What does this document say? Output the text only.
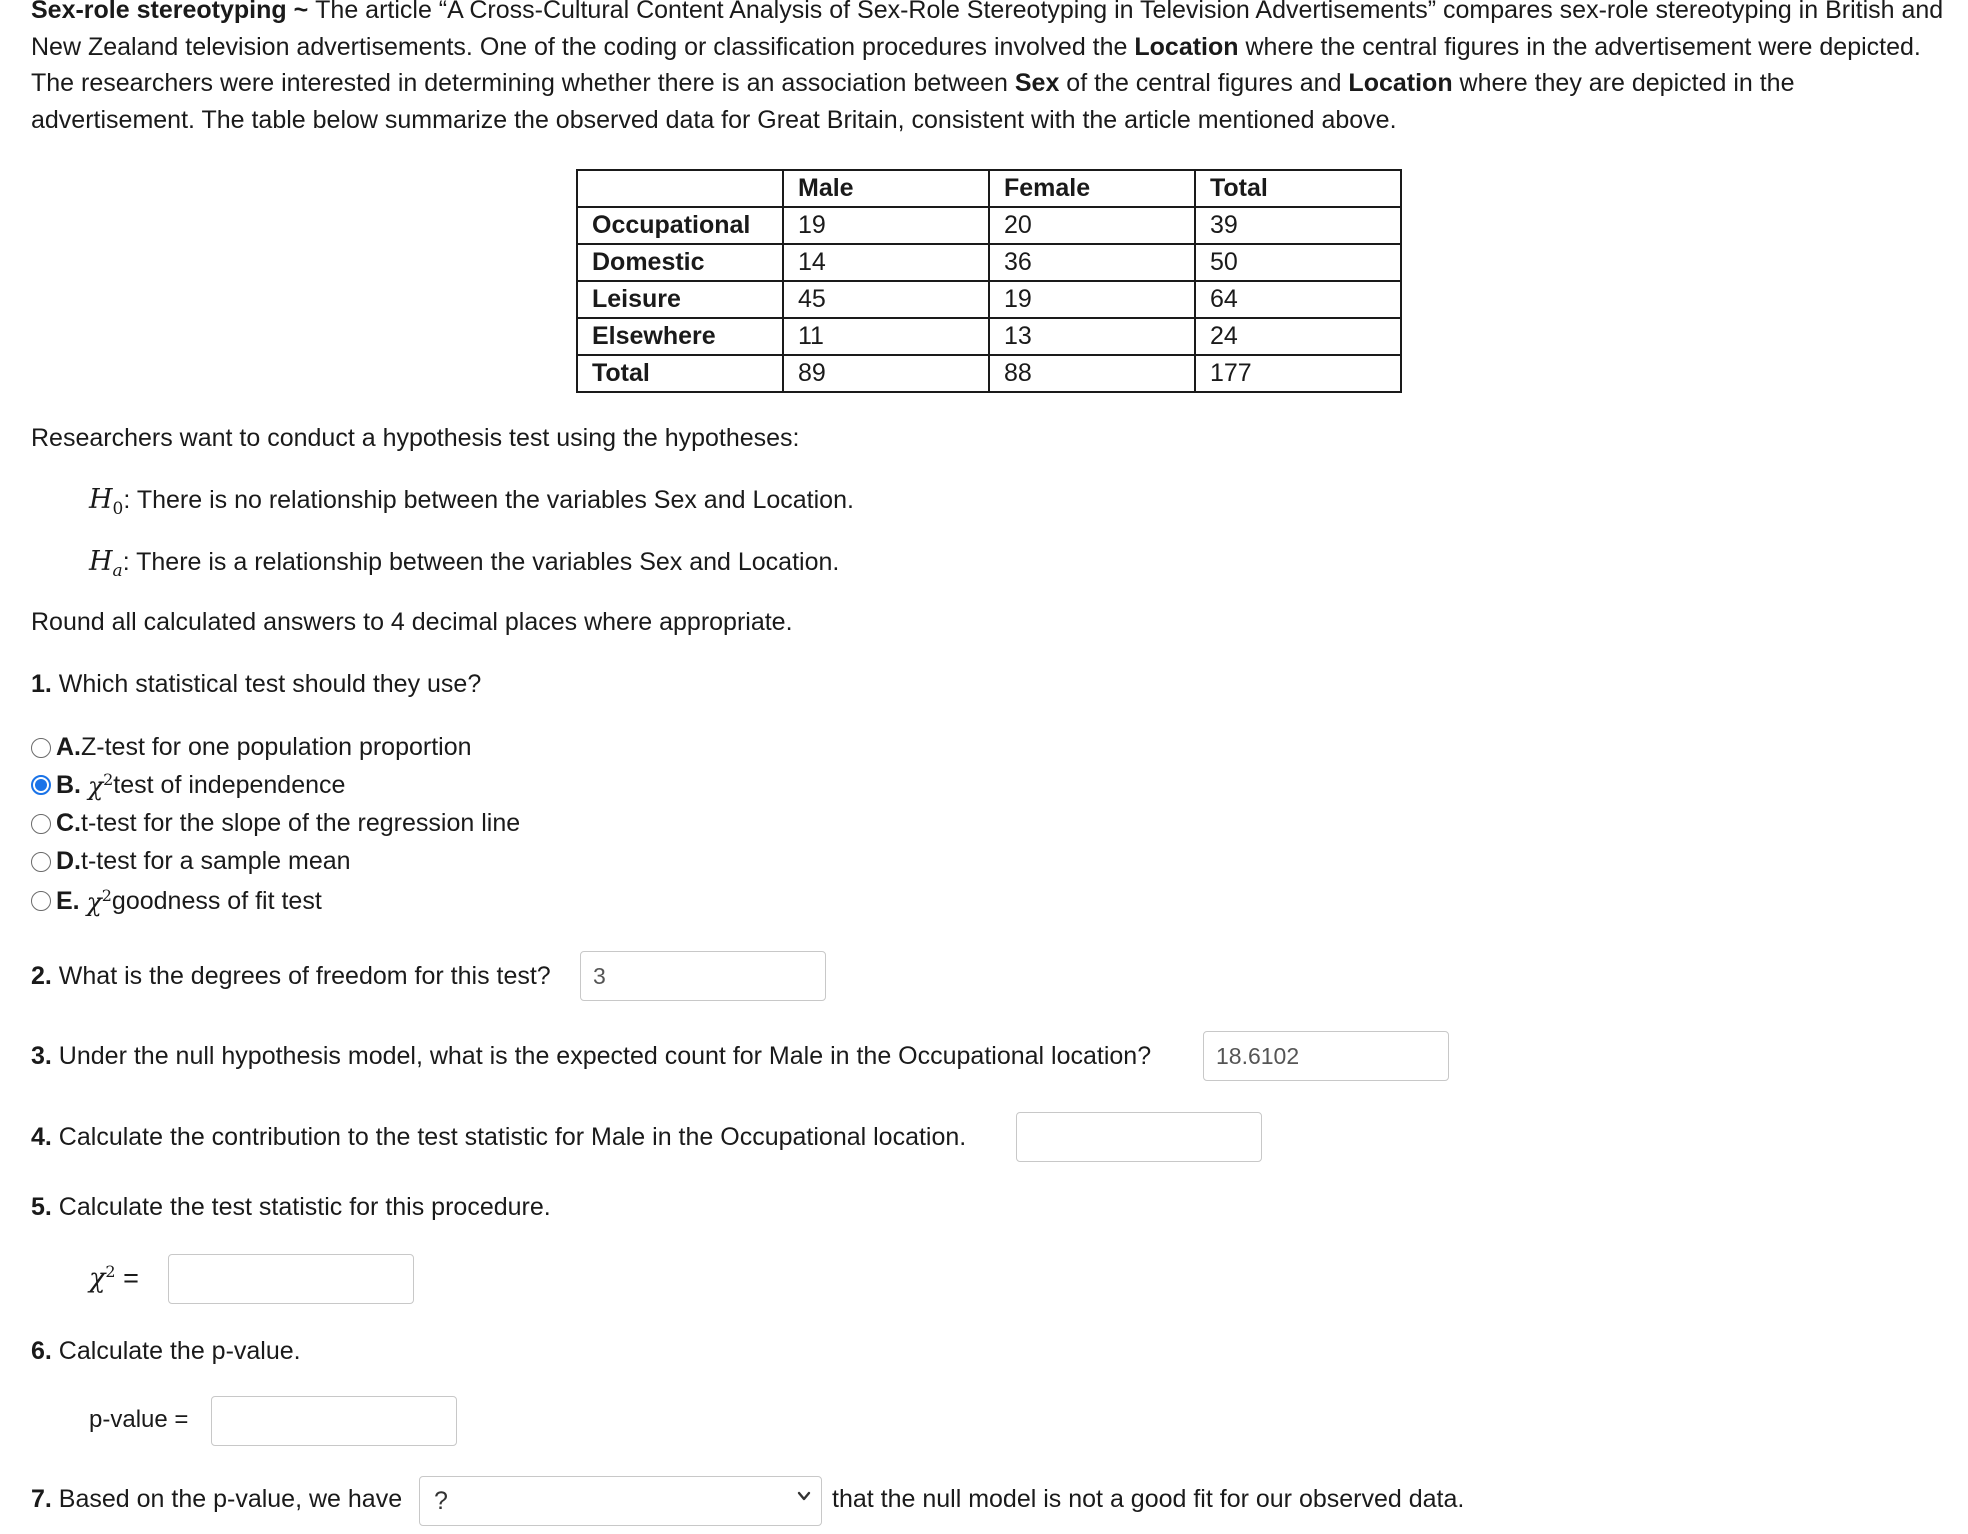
Sex-role stereotyping ~ The article “A Cross-Cultural Content Analysis of Sex-Role Stereotyping in Television Advertisements” compares sex-role stereotyping in British and New Zealand television advertisements. One of the coding or classification procedures involved the Location where the central figures in the advertisement were depicted. The researchers were interested in determining whether there is an association between Sex of the central figures and Location where they are depicted in the advertisement. The table below summarize the observed data for Great Britain, consistent with the article mentioned above.

	Male	Female	Total
Occupational	19	20	39
Domestic	14	36	50
Leisure	45	19	64
Elsewhere	11	13	24
Total	89	88	177
Researchers want to conduct a hypothesis test using the hypotheses:
$H_0$: There is no relationship between the variables Sex and Location.
$H_a$: There is a relationship between the variables Sex and Location.
Round all calculated answers to 4 decimal places where appropriate.
1. Which statistical test should they use?
A. Z-test for one population proportion
B.
$\chi^2$ test of independence
C. t-test for the slope of the regression line
D. t-test for a sample mean
E.
$\chi^2$ goodness of fit test
2. What is the degrees of freedom for this test?	3
3. Under the null hypothesis model, what is the expected count for Male in the Occupational location?	18.6102
4. Calculate the contribution to the test statistic for Male in the Occupational location.
5. Calculate the test statistic for this procedure.
$\chi^2$ =
6. Calculate the p-value.
p-value =
7. Based on the p-value, we have	?	that the null model is not a good fit for our observed data.
